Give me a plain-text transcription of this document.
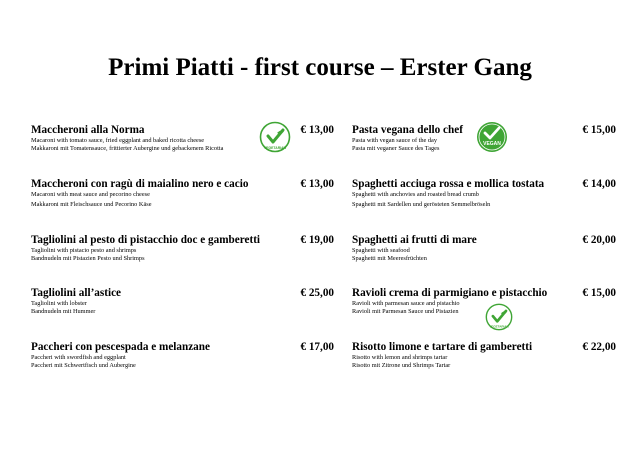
Primi Piatti - first course – Erster Gang
Maccheroni alla Norma
Macaroni with tomato sauce, fried eggplant and baked ricotta cheese
Makkaroni mit Tomatensauce, frittierter Aubergine und gebackenem Ricotta	VEGETARIAN
€ 13,00
Maccheroni con ragù di maialino nero e cacio
Macaroni with meat sauce and pecorino cheese
Makkaroni mit Fleischsauce und Pecorino Käse
€ 13,00
Tagliolini al pesto di pistacchio doc e gamberetti
Tagliolini with pistacio pesto and shrimps
Bandnudeln mit Pistazien Pesto und Shrimps
€ 19,00
Tagliolini all’astice
Tagliolini with lobster
Bandnudeln mit Hummer
€ 25,00
Paccheri con pescespada e melanzane
Paccheri with swordfish and eggplant
Paccheri mit Schwertfisch und Aubergine
€ 17,00
Pasta vegana dello chef
Pasta with vegan sauce of the day
Pasta mit veganer Sauce des Tages
VEGAN
€ 15,00
Spaghetti acciuga rossa e mollica tostata
Spaghetti with anchovies and roasted bread crumb
Spaghetti mit Sardellen und gerösteten Semmelbröseln
€ 14,00
Spaghetti ai frutti di mare
Spaghetti with seafood
Spaghetti mit Meeresfrüchten
€ 20,00
Ravioli crema di parmigiano e pistacchio
Ravioli with parmesan sauce and pistachio
Ravioli mit Parmesan Sauce und Pistazien
VEGETARIAN
€ 15,00
Risotto limone e tartare di gamberetti
Risotto with lemon and shrimps tartar
Risotto mit Zitrone und Shrimps Tartar
€ 22,00
